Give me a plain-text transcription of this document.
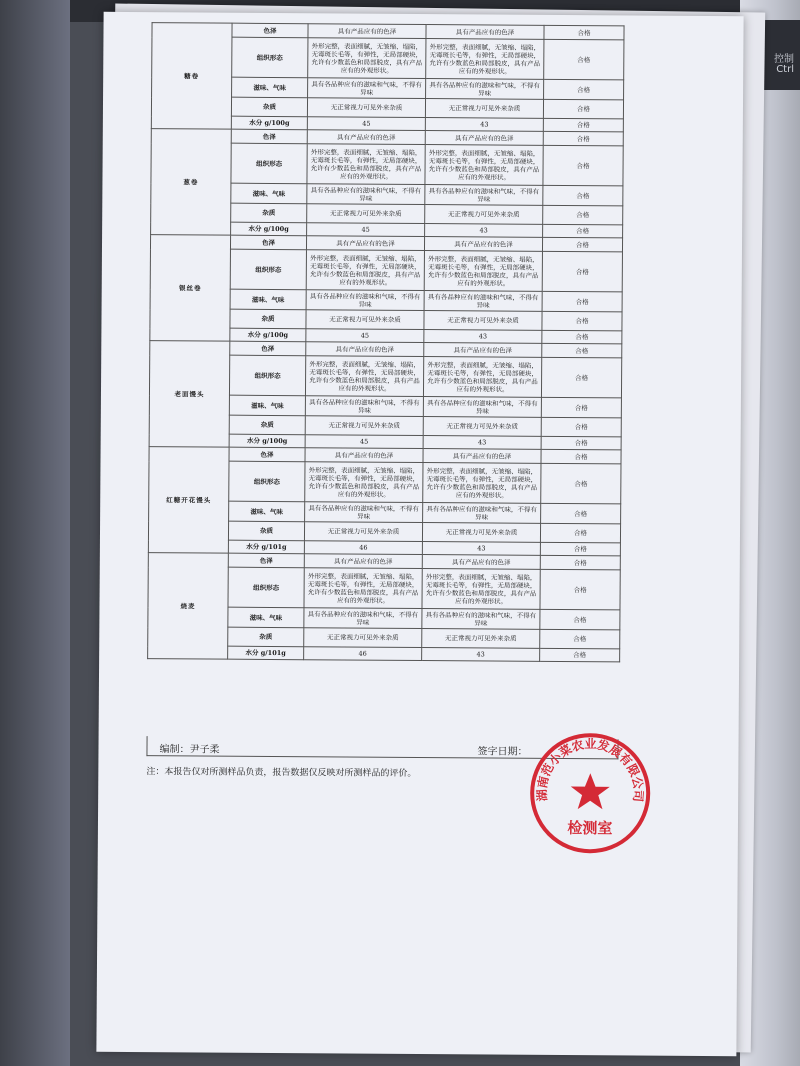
控制
Ctrl
糖卷	色泽	具有产品应有的色泽	具有产品应有的色泽	合格
	组织形态	外形完整，表面细腻，无皱缩、塌陷，无霉斑长毛等，有弹性，无局部硬块，允许有少数蓝色和局部脱皮，具有产品应有的外观形状。	外形完整，表面细腻，无皱缩、塌陷，无霉斑长毛等，有弹性，无局部硬块，允许有少数蓝色和局部脱皮，具有产品应有的外观形状。	合格
	滋味、气味	具有各品种应有的滋味和气味，不得有异味	具有各品种应有的滋味和气味，不得有异味	合格
	杂质	无正常视力可见外来杂质	无正常视力可见外来杂质	合格
	水分 g/100g	45	43	合格
葱卷	色泽	具有产品应有的色泽	具有产品应有的色泽	合格
	组织形态	外形完整，表面细腻，无皱缩、塌陷，无霉斑长毛等，有弹性，无局部硬块，允许有少数蓝色和局部脱皮，具有产品应有的外观形状。	外形完整，表面细腻，无皱缩、塌陷，无霉斑长毛等，有弹性，无局部硬块，允许有少数蓝色和局部脱皮，具有产品应有的外观形状。	合格
	滋味、气味	具有各品种应有的滋味和气味，不得有异味	具有各品种应有的滋味和气味，不得有异味	合格
	杂质	无正常视力可见外来杂质	无正常视力可见外来杂质	合格
	水分 g/100g	45	43	合格
银丝卷	色泽	具有产品应有的色泽	具有产品应有的色泽	合格
	组织形态	外形完整，表面细腻，无皱缩、塌陷，无霉斑长毛等，有弹性，无局部硬块，允许有少数蓝色和局部脱皮，具有产品应有的外观形状。	外形完整，表面细腻，无皱缩、塌陷，无霉斑长毛等，有弹性，无局部硬块，允许有少数蓝色和局部脱皮，具有产品应有的外观形状。	合格
	滋味、气味	具有各品种应有的滋味和气味，不得有异味	具有各品种应有的滋味和气味，不得有异味	合格
	杂质	无正常视力可见外来杂质	无正常视力可见外来杂质	合格
	水分 g/100g	45	43	合格
老面馒头	色泽	具有产品应有的色泽	具有产品应有的色泽	合格
	组织形态	外形完整，表面细腻，无皱缩、塌陷，无霉斑长毛等，有弹性，无局部硬块，允许有少数蓝色和局部脱皮，具有产品应有的外观形状。	外形完整，表面细腻，无皱缩、塌陷，无霉斑长毛等，有弹性，无局部硬块，允许有少数蓝色和局部脱皮，具有产品应有的外观形状。	合格
	滋味、气味	具有各品种应有的滋味和气味，不得有异味	具有各品种应有的滋味和气味，不得有异味	合格
	杂质	无正常视力可见外来杂质	无正常视力可见外来杂质	合格
	水分 g/100g	45	43	合格
红糖开花馒头	色泽	具有产品应有的色泽	具有产品应有的色泽	合格
	组织形态	外形完整，表面细腻，无皱缩、塌陷，无霉斑长毛等，有弹性，无局部硬块，允许有少数蓝色和局部脱皮，具有产品应有的外观形状。	外形完整，表面细腻，无皱缩、塌陷，无霉斑长毛等，有弹性，无局部硬块，允许有少数蓝色和局部脱皮，具有产品应有的外观形状。	合格
	滋味、气味	具有各品种应有的滋味和气味，不得有异味	具有各品种应有的滋味和气味，不得有异味	合格
	杂质	无正常视力可见外来杂质	无正常视力可见外来杂质	合格
	水分 g/101g	46	43	合格
烧麦	色泽	具有产品应有的色泽	具有产品应有的色泽	合格
	组织形态	外形完整，表面细腻，无皱缩、塌陷，无霉斑长毛等，有弹性，无局部硬块，允许有少数蓝色和局部脱皮，具有产品应有的外观形状。	外形完整，表面细腻，无皱缩、塌陷，无霉斑长毛等，有弹性，无局部硬块，允许有少数蓝色和局部脱皮，具有产品应有的外观形状。	合格
	滋味、气味	具有各品种应有的滋味和气味，不得有异味	具有各品种应有的滋味和气味，不得有异味	合格
	杂质	无正常视力可见外来杂质	无正常视力可见外来杂质	合格
	水分 g/101g	46	43	合格
编制：尹子柔	签字日期：
注：本报告仅对所测样品负责，报告数据仅反映对所测样品的评价。
湖南范小菜农业发展有限公司
检测室
